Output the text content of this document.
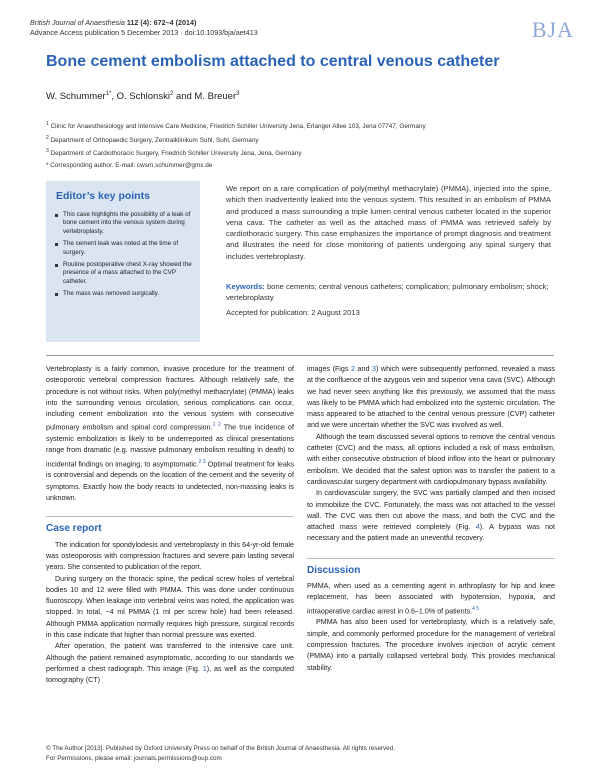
British Journal of Anaesthesia 112 (4): 672–4 (2014)
Advance Access publication 5 December 2013 · doi:10.1093/bja/aet413	BJA
Bone cement embolism attached to central venous catheter
W. Schummer$^{1*}$, O. Schlonski$^2$ and M. Breuer$^3$
$^1$ Clinic for Anaesthesiology and Intensive Care Medicine, Friedrich Schiller University Jena, Erlanger Allee 103, Jena 07747, Germany
$^2$ Department of Orthopaedic Surgery, Zentralklinikum Suhl, Suhl, Germany
$^3$ Department of Cardiothoracic Surgery, Friedrich Schiller University Jena, Jena, Germany
* Corresponding author. E-mail: cwsm.schummer@gmx.de
Editor’s key points
This case highlights the possibility of a leak of bone cement into the venous system during vertebroplasty.
The cement leak was noted at the time of surgery.
Routine postoperative chest X-ray showed the presence of a mass attached to the CVP catheter.
The mass was removed surgically.
We report on a rare complication of poly(methyl methacrylate) (PMMA), injected into the spine, which then inadvertently leaked into the venous system. This resulted in an embolism of PMMA and produced a mass surrounding a triple lumen central venous catheter located in the superior vena cava. The catheter as well as the attached mass of PMMA was retrieved safely by cardiothoracic surgery. This case emphasizes the importance of prompt diagnosis and treatment and illustrates the need for close monitoring of patients undergoing any spinal surgery that includes vertebroplasty.
Keywords: bone cements; central venous catheters; complication; pulmonary embolism; shock; vertebroplasty
Accepted for publication: 2 August 2013

Vertebroplasty is a fairly common, invasive procedure for the treatment of osteoporotic vertebral compression fractures. Although relatively safe, the procedure is not without risks. When poly(methyl methacrylate) (PMMA) leaks into the surrounding venous circulation, serious complications can occur, including cement embolization into the venous system with consecutive pulmonary embolism and spinal cord compression.$^{1 2}$ The true incidence of systemic embolization is likely to be underreported as clinical presentations range from dramatic (e.g. massive pulmonary embolism resulting in death) to incidental findings on imaging, to asymptomatic.$^{2 3}$ Optimal treatment for leaks is controversial and depends on the location of the cement and the severity of symptoms. Exactly how the body reacts to undetected, non-massing leaks is unknown.

Case report

The indication for spondylodesis and vertebroplasty in this 64-yr-old female was osteoporosis with compression fractures and severe pain lasting several years. She consented to publication of the report.

During surgery on the thoracic spine, the pedical screw holes of vertebral bodies 10 and 12 were filled with PMMA. This was done under continuous fluoroscopy. When leakage into vertebral veins was noted, the application was stopped. In total, ~4 ml PMMA (1 ml per screw hole) had been released. Although PMMA application normally requires high pressure, surgical records in this case indicate that higher than normal pressure was exerted.

After operation, the patient was transferred to the intensive care unit. Although the patient remained asymptomatic, according to our standards we performed a chest radiograph. This image (Fig. 1), as well as the computed tomography (CT)

images (Figs 2 and 3) which were subsequently performed, revealed a mass at the confluence of the azygous vein and superior vena cava (SVC). Although we had never seen anything like this previously, we assumed that the mass was likely to be PMMA which had embolized into the systemic circulation. The mass appeared to be attached to the central venous pressure (CVP) catheter and we were uncertain whether the SVC was involved as well.

Although the team discussed several options to remove the central venous catheter (CVC) and the mass, all options included a risk of mass embolism, with either consecutive obstruction of blood inflow into the heart or pulmonary embolism. We decided that the safest option was to transfer the patient to a cardiovascular surgery department with cardiopulmonary bypass availability.

In cardiovascular surgery, the SVC was partially clamped and then incised to immobilize the CVC. Fortunately, the mass was not attached to the vessel wall. The CVC was then cut above the mass, and both the CVC and the attached mass were retrieved completely (Fig. 4). A bypass was not necessary and the patient made an uneventful recovery.

Discussion

PMMA, when used as a cementing agent in arthroplasty for hip and knee replacement, has been associated with hypotension, hypoxia, and intraoperative cardiac arrest in 0.6–1.0% of patients.$^{4 5}$

PMMA has also been used for vertebroplasty, which is a relatively safe, simple, and commonly performed procedure for the management of vertebral compression fractures. The procedure involves injection of acrylic cement (PMMA) into a partially collapsed vertebral body. This provides mechanical stability.

© The Author [2013]. Published by Oxford University Press on behalf of the British Journal of Anaesthesia. All rights reserved.
For Permissions, please email: journals.permissions@oup.com
